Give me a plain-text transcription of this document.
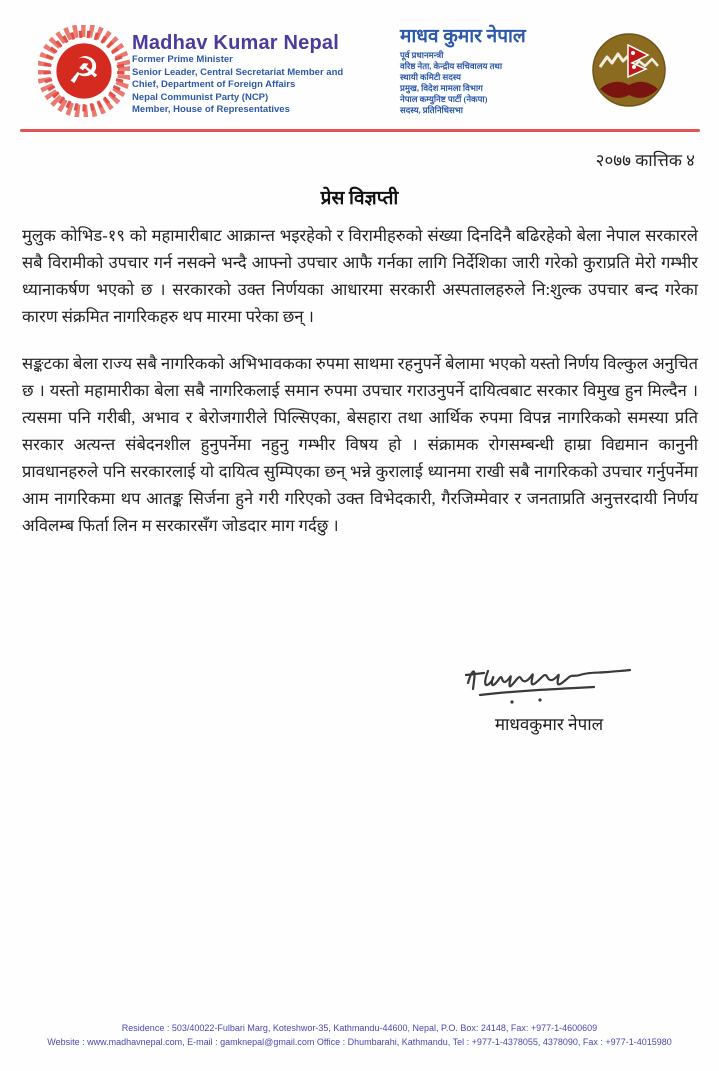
☭
Madhav Kumar Nepal
Former Prime Minister
Senior Leader, Central Secretariat Member and
Chief, Department of Foreign Affairs
Nepal Communist Party (NCP)
Member, House of Representatives
माधव कुमार नेपाल
पूर्व प्रधानमन्त्री
वरिष्ठ नेता, केन्द्रीय सचिवालय तथा
स्थायी कमिटी सदस्य
प्रमुख, विदेश मामला विभाग
नेपाल कम्युनिष्ट पार्टी (नेकपा)
सदस्य, प्रतिनिधिसभा
२०७७ कात्तिक ४
प्रेस विज्ञप्ती

मुलुक कोभिड-१९ को महामारीबाट आक्रान्त भइरहेको र विरामीहरुको संख्या दिनदिनै बढिरहेको बेला नेपाल सरकारले सबै विरामीको उपचार गर्न नसक्ने भन्दै आफ्नो उपचार आफै गर्नका लागि निर्देशिका जारी गरेको कुराप्रति मेरो गम्भीर ध्यानाकर्षण भएको छ । सरकारको उक्त निर्णयका आधारमा सरकारी अस्पतालहरुले नि:शुल्क उपचार बन्द गरेका कारण संक्रमित नागरिकहरु थप मारमा परेका छन् ।

सङ्कटका बेला राज्य सबै नागरिकको अभिभावकका रुपमा साथमा रहनुपर्ने बेलामा भएको यस्तो निर्णय विल्कुल अनुचित छ । यस्तो महामारीका बेला सबै नागरिकलाई समान रुपमा उपचार गराउनुपर्ने दायित्वबाट सरकार विमुख हुन मिल्दैन । त्यसमा पनि गरीबी, अभाव र बेरोजगारीले पिल्सिएका, बेसहारा तथा आर्थिक रुपमा विपन्न नागरिकको समस्या प्रति सरकार अत्यन्त संबेदनशील हुनुपर्नेमा नहुनु गम्भीर विषय हो । संक्रामक रोगसम्बन्धी हाम्रा विद्यमान कानुनी प्रावधानहरुले पनि सरकारलाई यो दायित्व सुम्पिएका छन् भन्ने कुरालाई ध्यानमा राखी सबै नागरिकको उपचार गर्नुपर्नेमा आम नागरिकमा थप आतङ्क सिर्जना हुने गरी गरिएको उक्त विभेदकारी, गैरजिम्मेवार र जनताप्रति अनुत्तरदायी निर्णय अविलम्ब फिर्ता लिन म सरकारसँग जोडदार माग गर्दछु ।

माधवकुमार नेपाल
Residence : 503/40022-Fulbari Marg, Koteshwor-35, Kathmandu-44600, Nepal, P.O. Box: 24148, Fax: +977-1-4600609
Website : www.madhavnepal.com, E-mail : gamknepal@gmail.com Office : Dhumbarahi, Kathmandu, Tel : +977-1-4378055, 4378090, Fax : +977-1-4015980
